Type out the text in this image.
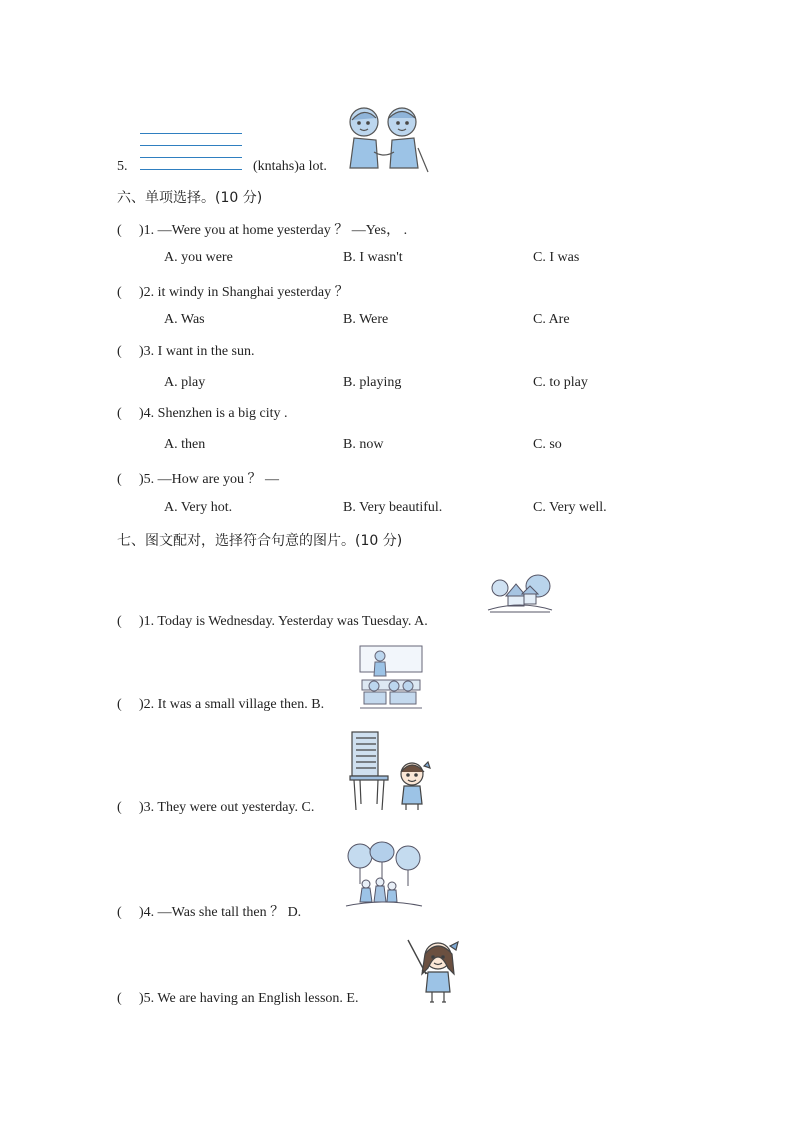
5.	(kntahs)a lot.
六、单项选择。(10 分)
( )1. —Were you at home yesterday ？ —Yes， .
A. you were	B. I wasn't	C. I was
( )2. it windy in Shanghai yesterday ？
A. Was	B. Were	C. Are
( )3. I want in the sun.
A. play	B. playing	C. to play
( )4. Shenzhen is a big city .
A. then	B. now	C. so
( )5. —How are you ？ —
A. Very hot.	B. Very beautiful.	C. Very well.
七、图文配对，选择符合句意的图片。(10 分)
( )1. Today is Wednesday. Yesterday was Tuesday. A.
( )2. It was a small village then. B.
( )3. They were out yesterday. C.
( )4. —Was she tall then ？ D.
( )5. We are having an English lesson. E.
